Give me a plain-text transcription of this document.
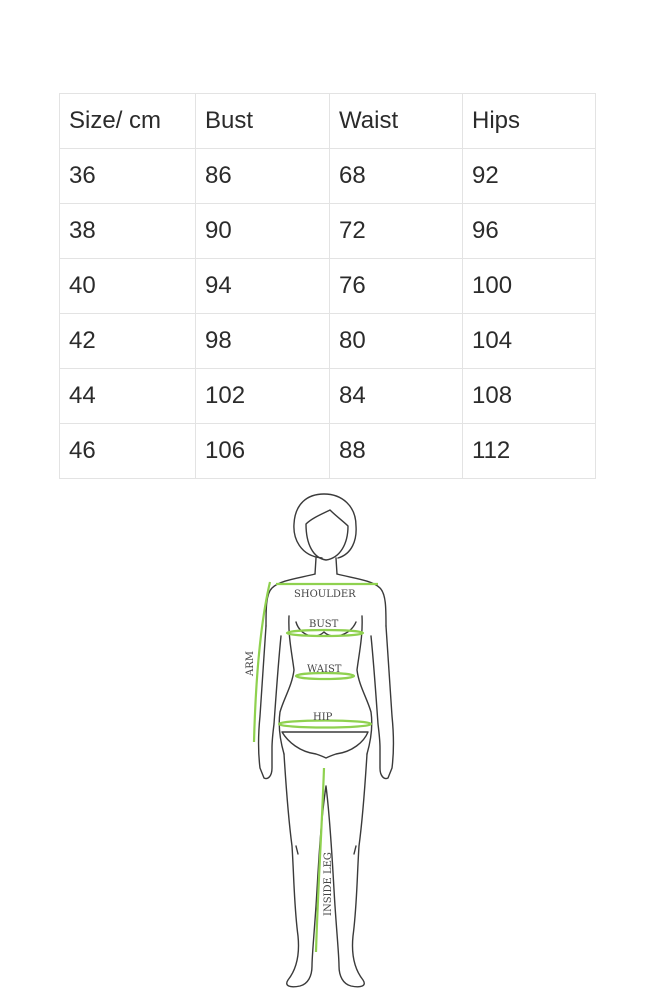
Size/ cm	Bust	Waist	Hips
36	86	68	92
38	90	72	96
40	94	76	100
42	98	80	104
44	102	84	108
46	106	88	112
SHOULDER
BUST
WAIST
HIP
ARM
INSIDE LEG
